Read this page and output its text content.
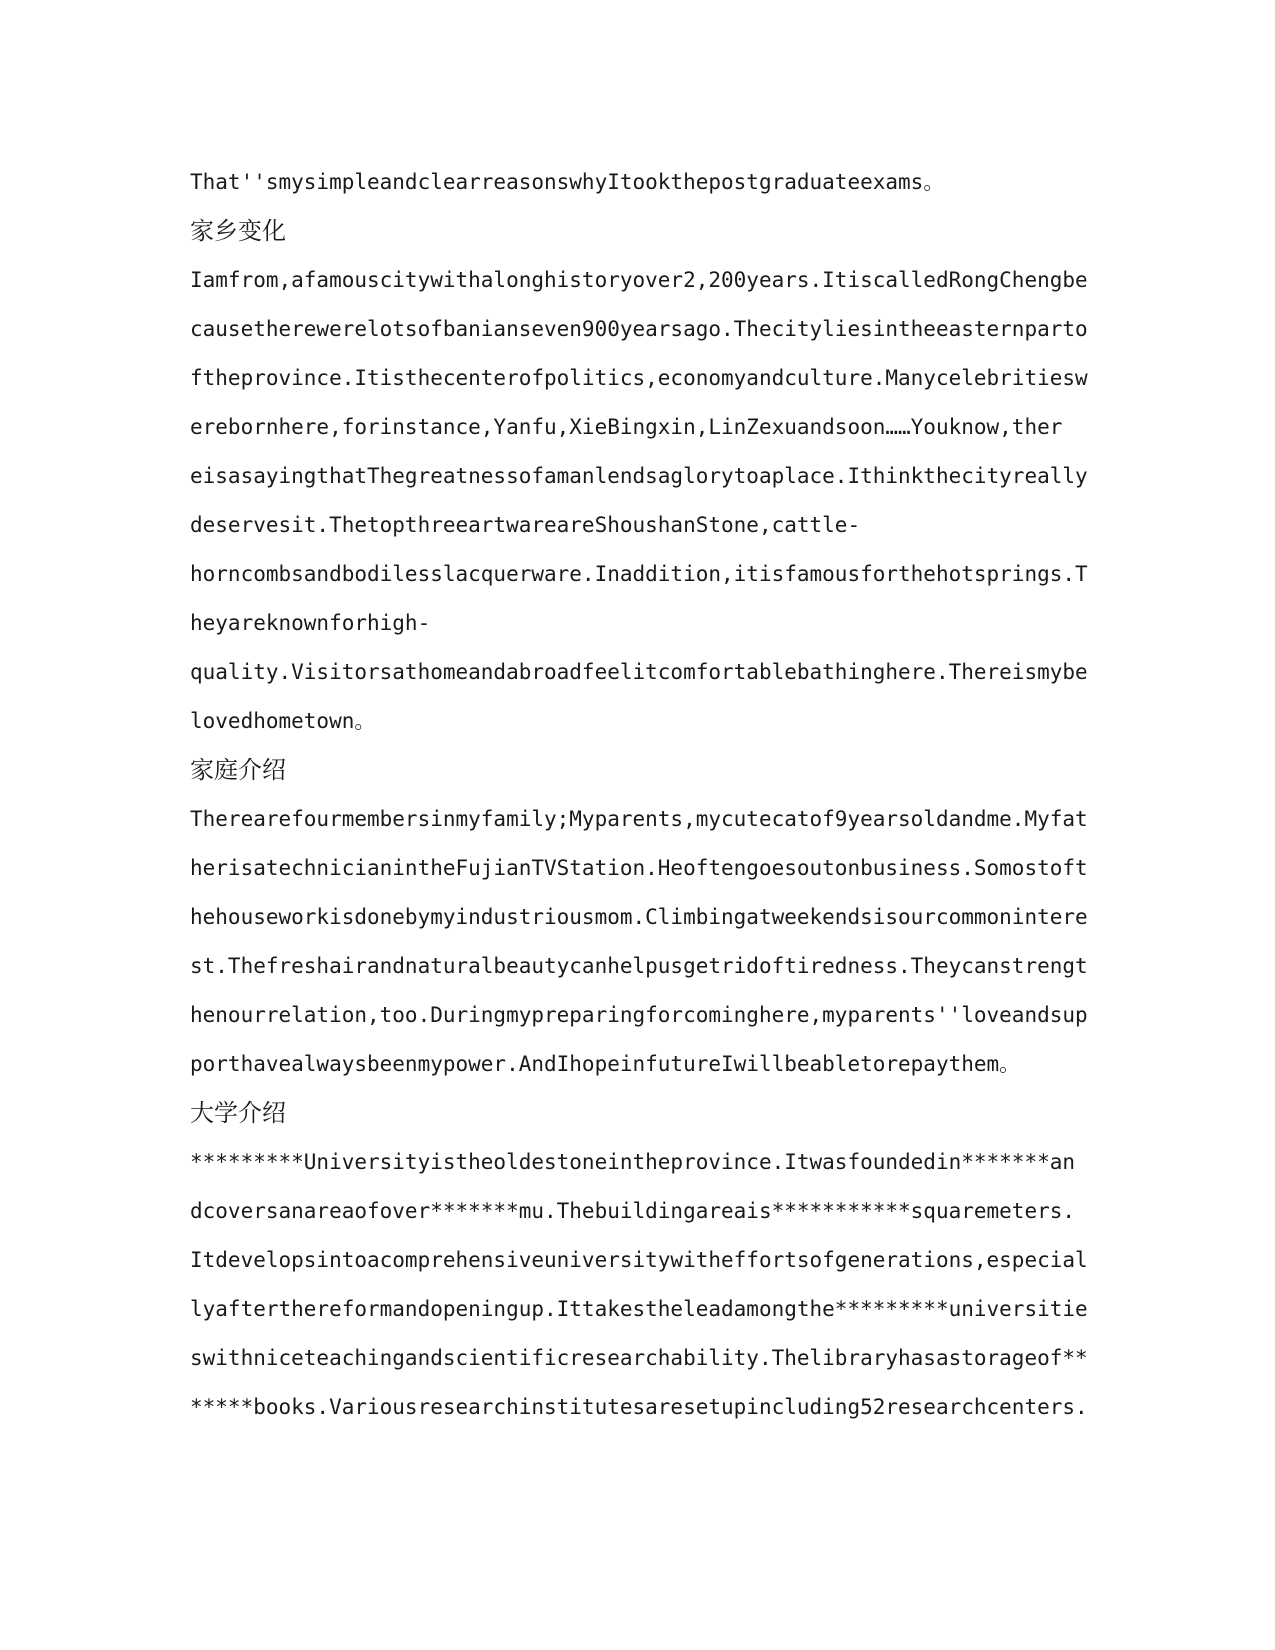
That''smysimpleandclearreasonswhyItookthepostgraduateexams。
家乡变化
Iamfrom,afamouscitywithalonghistoryover2,200years.ItiscalledRongChengbe
causetherewerelotsofbanianseven900yearsago.Thecityliesintheeasternparto
ftheprovince.Itisthecenterofpolitics,economyandculture.Manycelebritiesw
erebornhere,forinstance,Yanfu,XieBingxin,LinZexuandsoon……Youknow,ther
eisasayingthatThegreatnessofamanlendsaglorytoaplace.Ithinkthecityreally
deservesit.ThetopthreeartwareareShoushanStone,cattle-
horncombsandbodilesslacquerware.Inaddition,itisfamousforthehotsprings.T
heyareknownforhigh-
quality.Visitorsathomeandabroadfeelitcomfortablebathinghere.Thereismybe
lovedhometown。
家庭介绍
Therearefourmembersinmyfamily;Myparents,mycutecatof9yearsoldandme.Myfat
herisatechnicianintheFujianTVStation.Heoftengoesoutonbusiness.Somostoft
hehouseworkisdonebymyindustriousmom.Climbingatweekendsisourcommonintere
st.Thefreshairandnaturalbeautycanhelpusgetridoftiredness.Theycanstrengt
henourrelation,too.Duringmypreparingforcominghere,myparents''loveandsup
porthavealwaysbeenmypower.AndIhopeinfutureIwillbeabletorepaythem。
大学介绍
*********Universityistheoldestoneintheprovince.Itwasfoundedin*******an
dcoversanareaofover*******mu.Thebuildingareais***********squaremeters.
Itdevelopsintoacomprehensiveuniversitywitheffortsofgenerations,especial
lyafterthereformandopeningup.Ittakestheleadamongthe*********universitie
swithniceteachingandscientificresearchability.Thelibraryhasastorageof**
*****books.Variousresearchinstitutesaresetupincluding52researchcenters.
